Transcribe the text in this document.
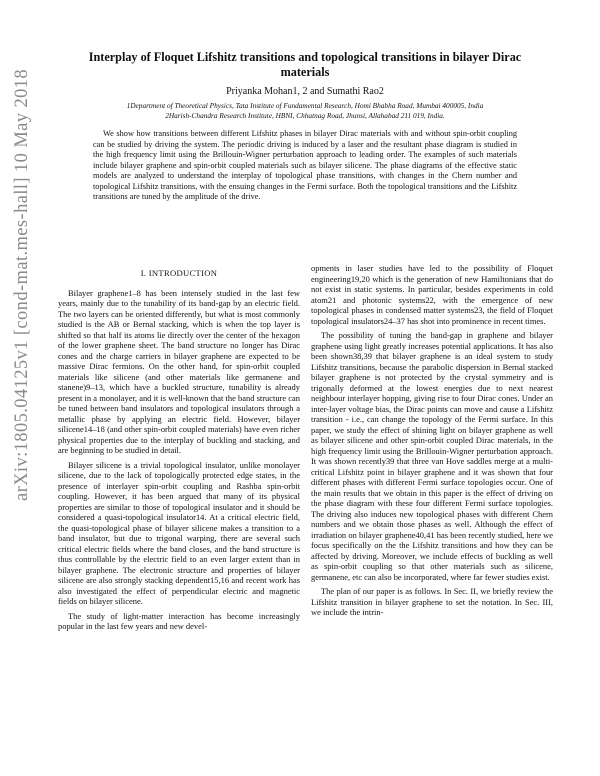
arXiv:1805.04125v1 [cond-mat.mes-hall] 10 May 2018
Interplay of Floquet Lifshitz transitions and topological transitions in bilayer Dirac materials
Priyanka Mohan1, 2 and Sumathi Rao2
1Department of Theoretical Physics, Tata Institute of Fundamental Research, Homi Bhabha Road, Mumbai 400005, India
2Harish-Chandra Research Institute, HBNI, Chhatnag Road, Jhunsi, Allahabad 211 019, India.

We show how transitions between different Lifshitz phases in bilayer Dirac materials with and without spin-orbit coupling can be studied by driving the system. The periodic driving is induced by a laser and the resultant phase diagram is studied in the high frequency limit using the Brillouin-Wigner perturbation approach to leading order. The examples of such materials include bilayer graphene and spin-orbit coupled materials such as bilayer silicene. The phase diagrams of the effective static models are analyzed to understand the interplay of topological phase transitions, with changes in the Chern number and topological Lifshitz transitions, with the ensuing changes in the Fermi surface. Both the topological transitions and the Lifshitz transitions are tuned by the amplitude of the drive.

I. INTRODUCTION

Bilayer graphene1–8 has been intensely studied in the last few years, mainly due to the tunability of its band-gap by an electric field. The two layers can be oriented differently, but what is most commonly studied is the AB or Bernal stacking, which is when the top layer is shifted so that half its atoms lie directly over the center of the hexagon of the lower graphene sheet. The band structure no longer has Dirac cones and the charge carriers in bilayer graphene are expected to be massive Dirac fermions. On the other hand, for spin-orbit coupled materials like silicene (and other materials like germanene and stanene)9–13, which have a buckled structure, tunability is already present in a monolayer, and it is well-known that the band structure can be tuned between band insulators and topological insulators through a metallic phase by applying an electric field. However, bilayer silicene14–18 (and other spin-orbit coupled materials) have even richer physical properties due to the interplay of buckling and stacking, and are beginning to be studied in detail.

Bilayer silicene is a trivial topological insulator, unlike monolayer silicene, due to the lack of topologically protected edge states, in the presence of interlayer spin-orbit coupling and Rashba spin-orbit coupling. However, it has been argued that many of its physical properties are similar to those of topological insulator and it should be considered a quasi-topological insulator14. At a critical electric field, the quasi-topological phase of bilayer silicene makes a transition to a band insulator, but due to trigonal warping, there are several such critical electric fields where the band closes, and the band structure is thus controllable by the electric field to an even larger extent than in bilayer graphene. The electronic structure and properties of bilayer silicene are also strongly stacking dependent15,16 and recent work has also investigated the effect of perpendicular electric and magnetic fields on bilayer silicene.

The study of light-matter interaction has become increasingly popular in the last few years and new devel-

opments in laser studies have led to the possibility of Floquet engineering19,20 which is the generation of new Hamiltonians that do not exist in static systems. In particular, besides experiments in cold atom21 and photonic systems22, with the emergence of new topological phases in condensed matter systems23, the field of Floquet topological insulators24–37 has shot into prominence in recent times.

The possibility of tuning the band-gap in graphene and bilayer graphene using light greatly increases potential applications. It has also been shown38,39 that bilayer graphene is an ideal system to study Lifshitz transitions, because the parabolic dispersion in Bernal stacked bilayer graphene is not protected by the crystal symmetry and is trigonally deformed at the lowest energies due to next nearest neighbour interlayer hopping, giving rise to four Dirac cones. Under an inter-layer voltage bias, the Dirac points can move and cause a Lifshitz transition - i.e., can change the topology of the Fermi surface. In this paper, we study the effect of shining light on bilayer graphene as well as bilayer silicene and other spin-orbit coupled Dirac materials, in the high frequency limit using the Brillouin-Wigner perturbation approach. It was shown recently39 that three van Hove saddles merge at a multi-critical Lifshitz point in bilayer graphene and it was shown that four different phases with different Fermi surface topologies occur. One of the main results that we obtain in this paper is the effect of driving on the phase diagram with these four different Fermi surface topologies. The driving also induces new topological phases with different Chern numbers and we obtain those phases as well. Although the effect of irradiation on bilayer graphene40,41 has been recently studied, here we focus specifically on the the Lifshitz transitions and how they can be affected by driving. Moreover, we include effects of buckling as well as spin-orbit coupling so that other materials such as silicene, germanene, etc can also be incorporated, where far fewer studies exist.

The plan of our paper is as follows. In Sec. II, we briefly review the Lifshitz transition in bilayer graphene to set the notation. In Sec. III, we include the intrin-
